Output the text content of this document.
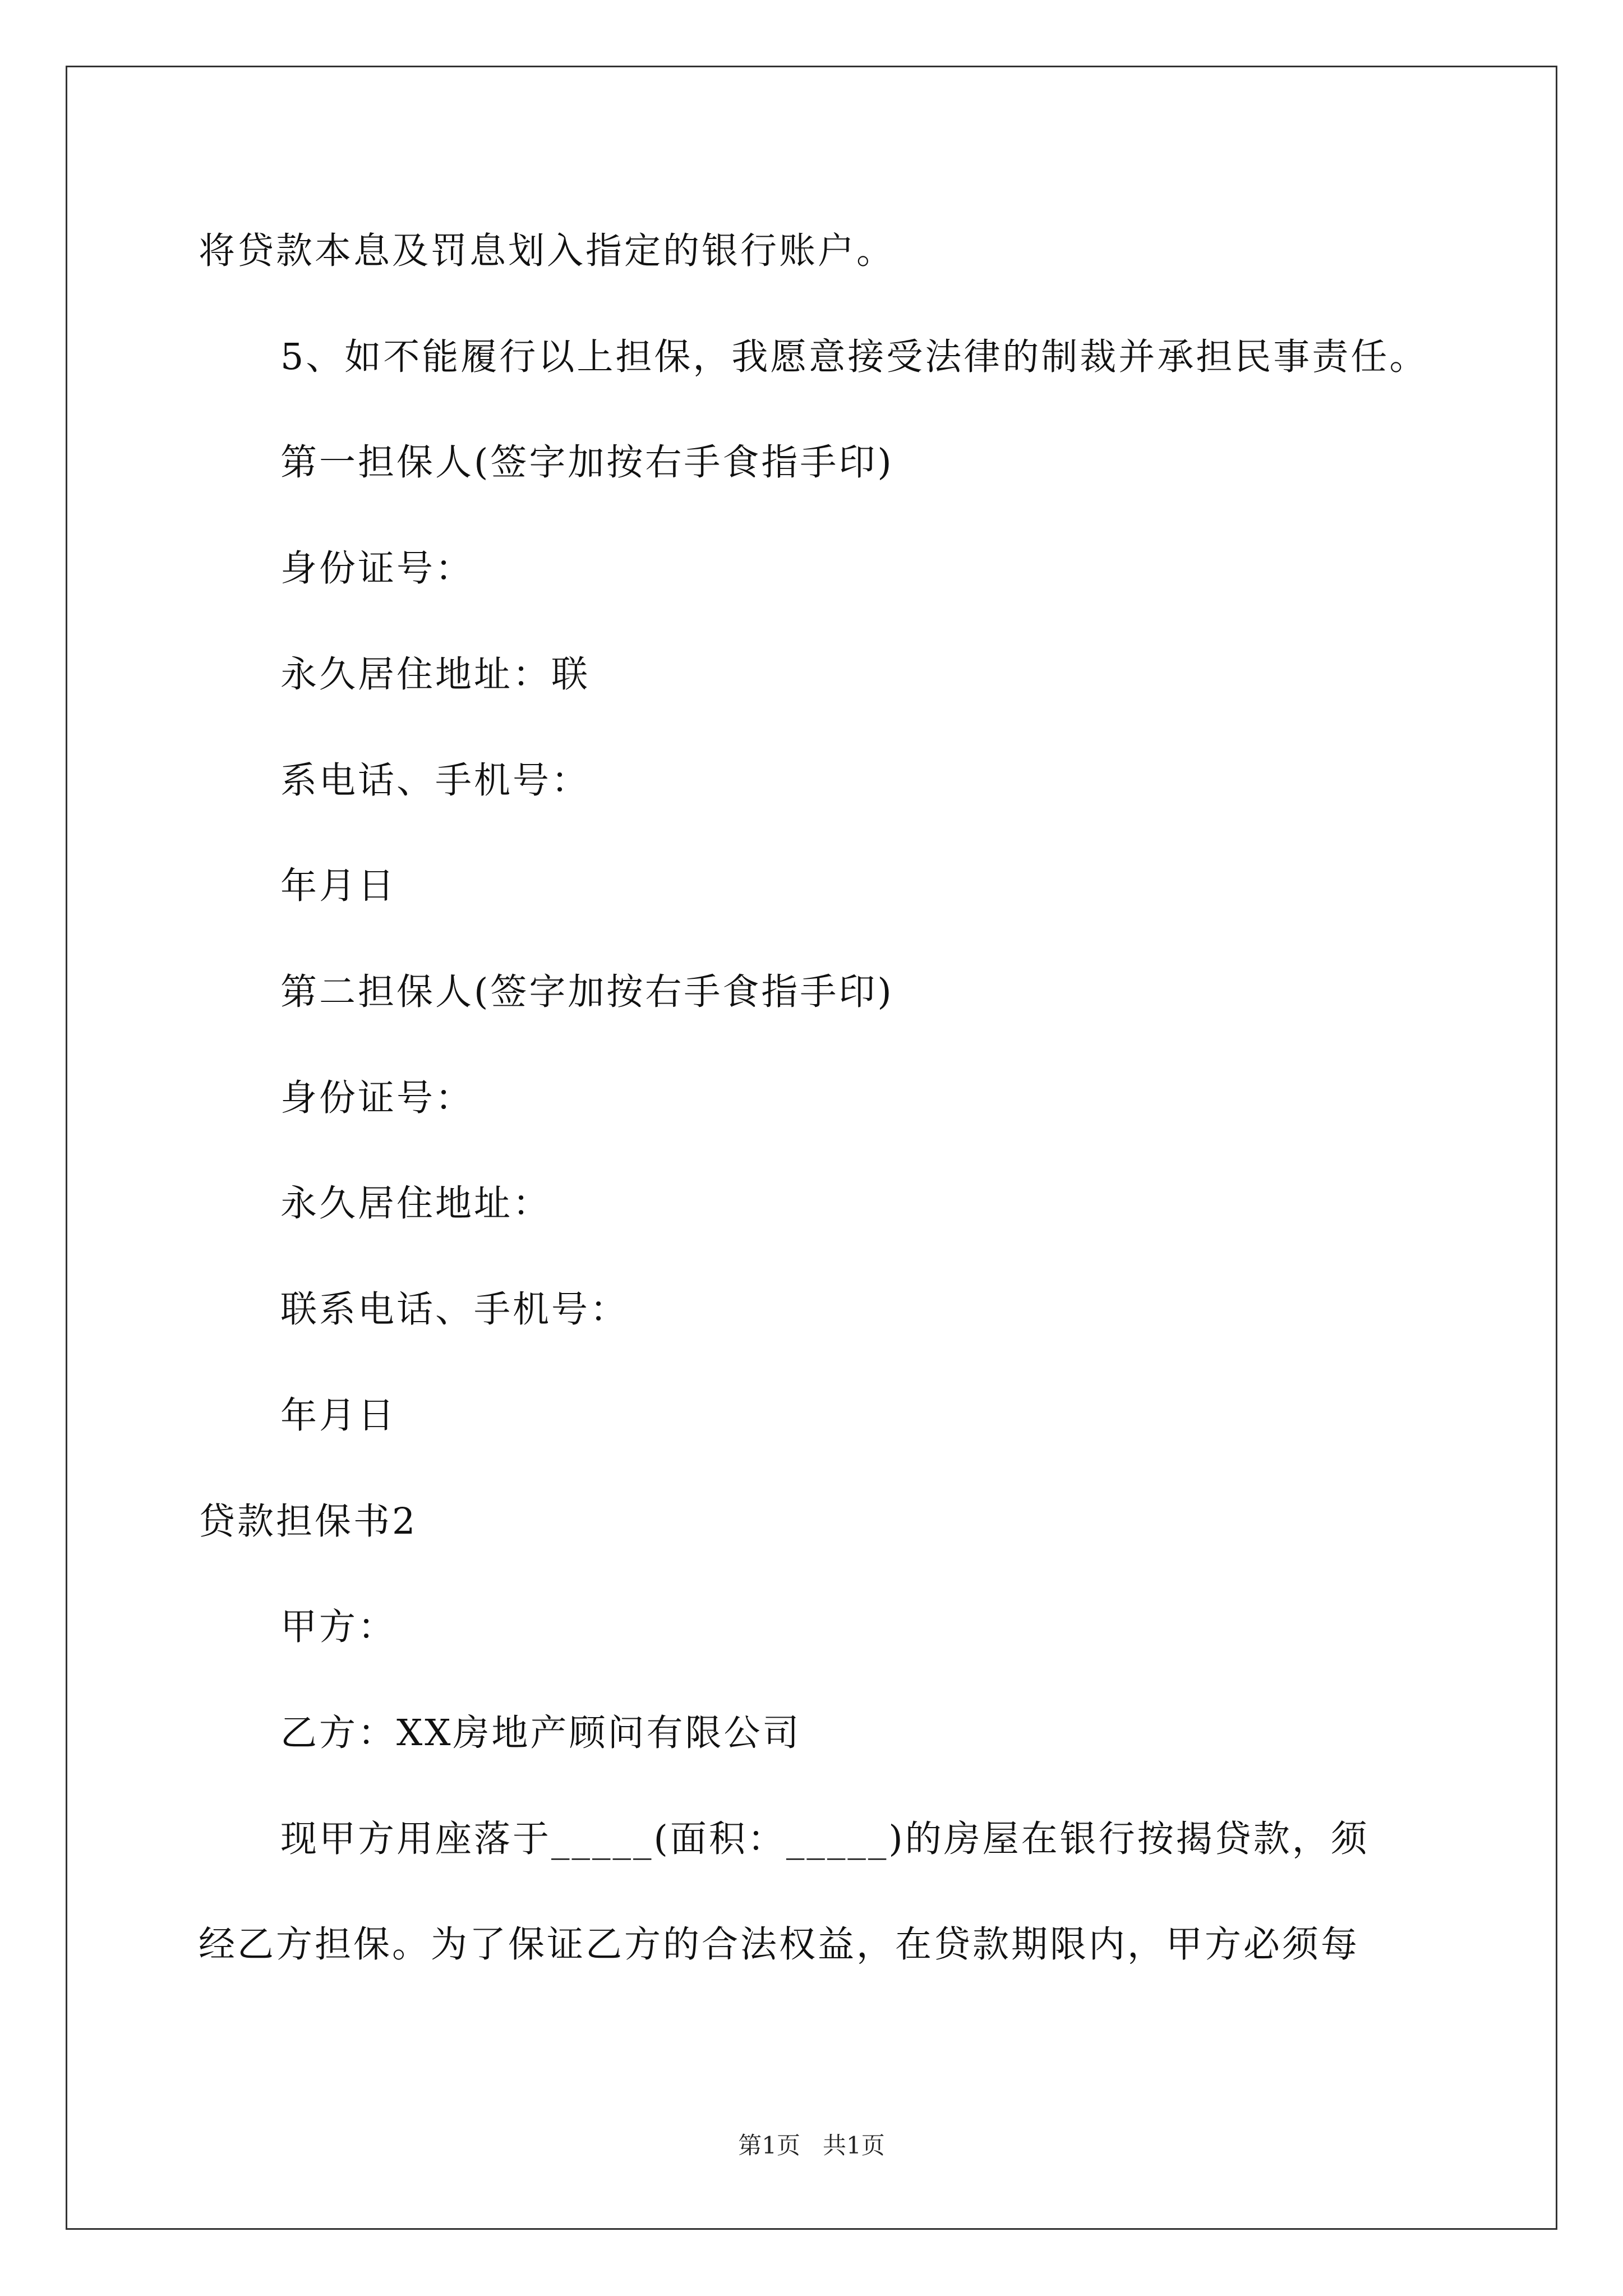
将贷款本息及罚息划入指定的银行账户。
5、如不能履行以上担保，我愿意接受法律的制裁并承担民事责任。
第一担保人(签字加按右手食指手印)
身份证号：
永久居住地址：联
系电话、手机号：
年月日
第二担保人(签字加按右手食指手印)
身份证号：
永久居住地址：
联系电话、手机号：
年月日
贷款担保书2
甲方：
乙方：XX房地产顾问有限公司
现甲方用座落于_____(面积：_____)的房屋在银行按揭贷款，须
经乙方担保。为了保证乙方的合法权益，在贷款期限内，甲方必须每
第1页   共1页
